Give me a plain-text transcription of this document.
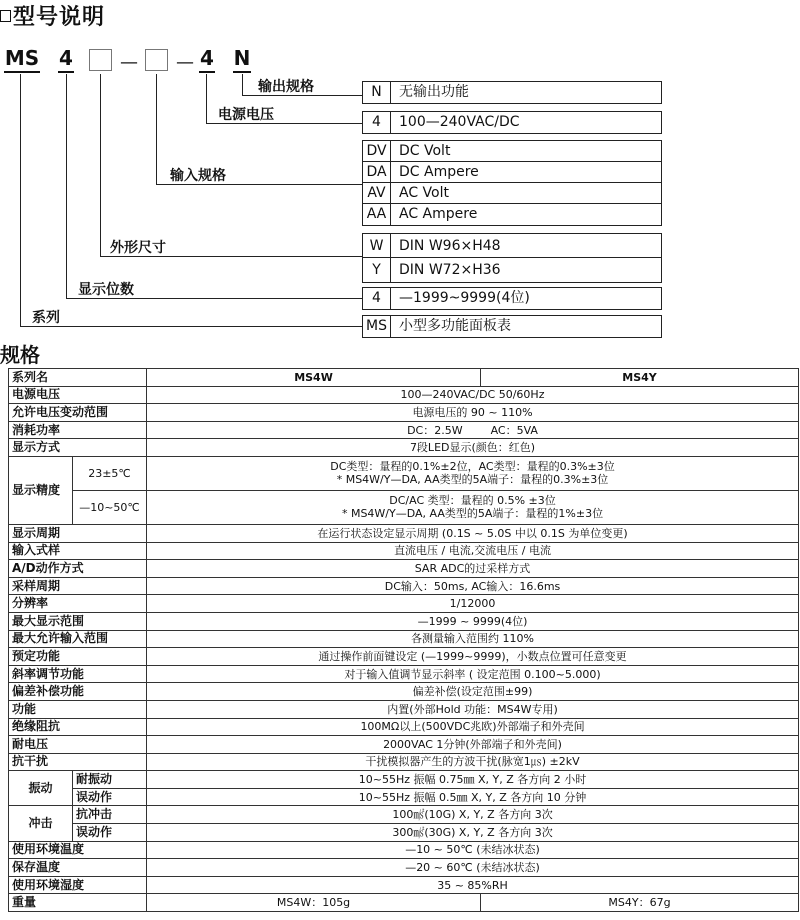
型号说明
MS 4	— — 4 N
输出规格
电源电压
输入规格
外形尺寸
显示位数
系列
N	无输出功能
4	100—240VAC/DC
DV DC Volt
DA DC Ampere
AV AC Volt
AA AC Ampere
W	DIN W96×H48
Y	DIN W72×H36
4	—1999~9999(4位)
MS 小型多功能面板表
规格
系列名		MS4W	MS4Y
电源电压		100—240VAC/DC 50/60Hz	
允许电压变动范围		电源电压的 90 ~ 110%	
消耗功率		DC：2.5W        AC：5VA	
显示方式		7段LED显示(颜色：红色)	
显示精度	23±5℃	DC类型：量程的0.1%±2位，AC类型：量程的0.3%±3位
* MS4W/Y—DA, AA类型的5A端子：量程的0.3%±3位	

	—10~50℃	DC/AC 类型：量程的 0.5% ±3位
* MS4W/Y—DA, AA类型的5A端子：量程的1%±3位	

显示周期		在运行状态设定显示周期 (0.1S ~ 5.0S 中以 0.1S 为单位变更)	
输入式样		直流电压 / 电流,交流电压 / 电流	
A/D动作方式		SAR ADC的过采样方式	
采样周期		DC输入：50ms, AC输入：16.6ms	
分辨率		1/12000	
最大显示范围		—1999 ~ 9999(4位)	
最大允许输入范围		各测量输入范围约 110%	
预定功能		通过操作前面键设定 (—1999~9999)，小数点位置可任意变更	
斜率调节功能		对于输入值调节显示斜率 ( 设定范围 0.100~5.000)	
偏差补偿功能		偏差补偿(设定范围±99)	
功能		内置(外部Hold 功能：MS4W专用)	
绝缘阻抗		100MΩ以上(500VDC兆欧)外部端子和外壳间	
耐电压		2000VAC 1分钟(外部端子和外壳间)	
抗干扰		干扰模拟器产生的方波干扰(脉宽1㎲) ±2kV	
振动	耐振动	10~55Hz 振幅 0.75㎜ X, Y, Z 各方向 2 小时	
	误动作	10~55Hz 振幅 0.5㎜ X, Y, Z 各方向 10 分钟	
冲击	抗冲击	100㎨(10G) X, Y, Z 各方向 3次	
	误动作	300㎨(30G) X, Y, Z 各方向 3次	
使用环境温度		—10 ~ 50℃ (未结冰状态)	
保存温度		—20 ~ 60℃ (未结冰状态)	
使用环境湿度		35 ~ 85%RH	
重量		MS4W：105g	MS4Y：67g
